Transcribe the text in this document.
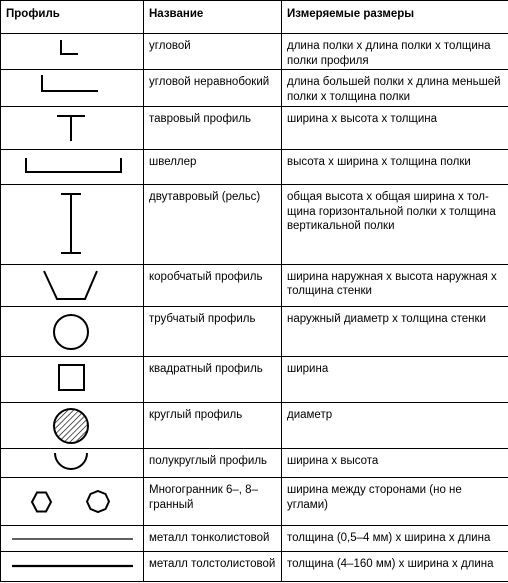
Профиль	Название	Измеряемые размеры

	угловой	длина полки х длина полки х толщина полки профиля

	угловой неравнобокий	длина большей полки х длина меньшей полки х толщина полки

	тавровый профиль	ширина х высота х толщина

	швеллер	высота х ширина х толщина полки

	двутавровый (рельс)	общая высота х общая ширина х тол-щина горизонтальной полки х толщина вертикальной полки

	коробчатый профиль	ширина наружная х высота наружная х толщина стенки

	трубчатый профиль	наружный диаметр х толщина стенки

	квадратный профиль	ширина

	круглый профиль	диаметр

	полукруглый профиль	ширина х высота

	Многогранник 6–, 8–гранный	ширина между сторонами (но не углами)

	металл тонколистовой	толщина (0,5–4 мм) х ширина х длина

	металл толстолистовой	толщина (4–160 мм) х ширина х длина
